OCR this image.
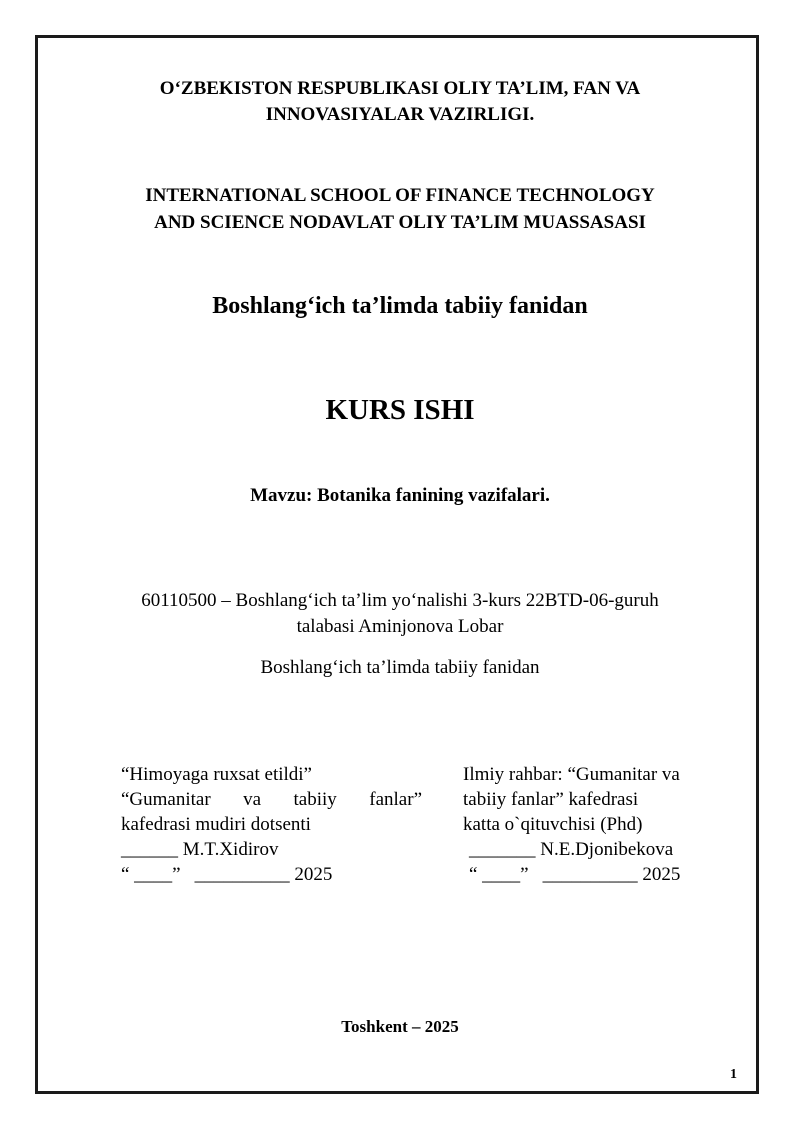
O‘ZBEKISTON RESPUBLIKASI OLIY TA’LIM, FAN VA
INNOVASIYALAR VAZIRLIGI.
INTERNATIONAL SCHOOL OF FINANCE TECHNOLOGY
AND SCIENCE NODAVLAT OLIY TA’LIM MUASSASASI
Boshlang‘ich ta’limda tabiiy fanidan
KURS ISHI
Mavzu: Botanika fanining vazifalari.
60110500 – Boshlang‘ich ta’lim yo‘nalishi 3-kurs 22BTD-06-guruh
talabasi Aminjonova Lobar
Boshlang‘ich ta’limda tabiiy fanidan
“Himoyaga ruxsat etildi”
“Gumanitar va tabiiy fanlar”
kafedrasi mudiri dotsenti
______ M.T.Xidirov
“ ____” __________ 2025
Ilmiy rahbar: “Gumanitar va
tabiiy fanlar” kafedrasi
katta o`qituvchisi (Phd)
_______ N.E.Djonibekova
“ ____” __________ 2025
Toshkent – 2025
1
